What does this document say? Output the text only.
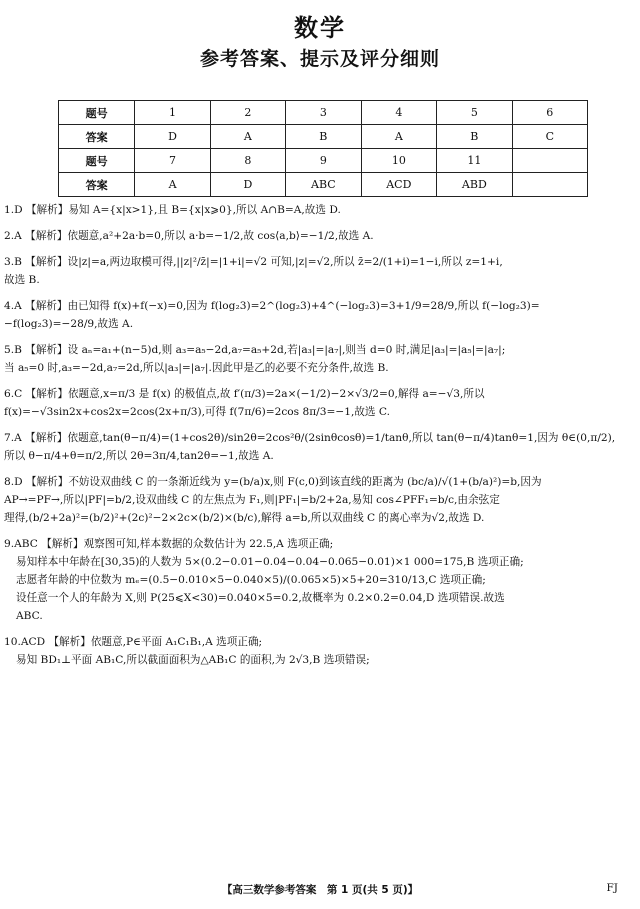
数学
参考答案、提示及评分细则
题号	1	2	3	4	5	6
答案	D	A	B	A	B	C
题号	7	8	9	10	11	
答案	A	D	ABC	ACD	ABD	
1.D 【解析】易知 A={x|x>1},且 B={x|x⩾0},所以 A∩B=A,故选 D.
2.A 【解析】依题意,a²+2a·b=0,所以 a·b=−1/2,故 cos⟨a,b⟩=−1/2,故选 A.
3.B 【解析】设|z|=a,两边取模可得,||z|²/z̄|=|1+i|=√2 可知,|z|=√2,所以 z̄=2/(1+i)=1−i,所以 z=1+i,
故选 B.
4.A 【解析】由已知得 f(x)+f(−x)=0,因为 f(log₂3)=2^(log₂3)+4^(−log₂3)=3+1/9=28/9,所以 f(−log₂3)=
−f(log₂3)=−28/9,故选 A.
5.B 【解析】设 aₙ=a₁+(n−5)d,则 a₃=a₅−2d,a₇=a₅+2d,若|a₃|=|a₇|,则当 d=0 时,满足|a₃|=|a₅|=|a₇|;
当 a₅=0 时,a₃=−2d,a₇=2d,所以|a₃|=|a₇|.因此甲是乙的必要不充分条件,故选 B.
6.C 【解析】依题意,x=π/3 是 f(x) 的极值点,故 f′(π/3)=2a×(−1/2)−2×√3/2=0,解得 a=−√3,所以
f(x)=−√3sin2x+cos2x=2cos(2x+π/3),可得 f(7π/6)=2cos 8π/3=−1,故选 C.
7.A 【解析】依题意,tan(θ−π/4)=(1+cos2θ)/sin2θ=2cos²θ/(2sinθcosθ)=1/tanθ,所以 tan(θ−π/4)tanθ=1,因为 θ∈(0,π/2),
所以 θ−π/4+θ=π/2,所以 2θ=3π/4,tan2θ=−1,故选 A.
8.D 【解析】不妨设双曲线 C 的一条渐近线为 y=(b/a)x,则 F(c,0)到该直线的距离为 (bc/a)/√(1+(b/a)²)=b,因为
AP→=PF→,所以|PF|=b/2,设双曲线 C 的左焦点为 F₁,则|PF₁|=b/2+2a,易知 cos∠PFF₁=b/c,由余弦定
理得,(b/2+2a)²=(b/2)²+(2c)²−2×2c×(b/2)×(b/c),解得 a=b,所以双曲线 C 的离心率为√2,故选 D.
9.ABC 【解析】观察图可知,样本数据的众数估计为 22.5,A 选项正确;
易知样本中年龄在[30,35)的人数为 5×(0.2−0.01−0.04−0.04−0.065−0.01)×1 000=175,B 选项正确;
志愿者年龄的中位数为 mₑ=(0.5−0.010×5−0.040×5)/(0.065×5)×5+20=310/13,C 选项正确;
设任意一个人的年龄为 X,则 P(25⩽X<30)=0.040×5=0.2,故概率为 0.2×0.2=0.04,D 选项错误.故选
ABC.
10.ACD 【解析】依题意,P∈平面 A₁C₁B₁,A 选项正确;
易知 BD₁⊥平面 AB₁C,所以截面面积为△AB₁C 的面积,为 2√3,B 选项错误;
【高三数学参考答案　第 1 页(共 5 页)】	FJ
